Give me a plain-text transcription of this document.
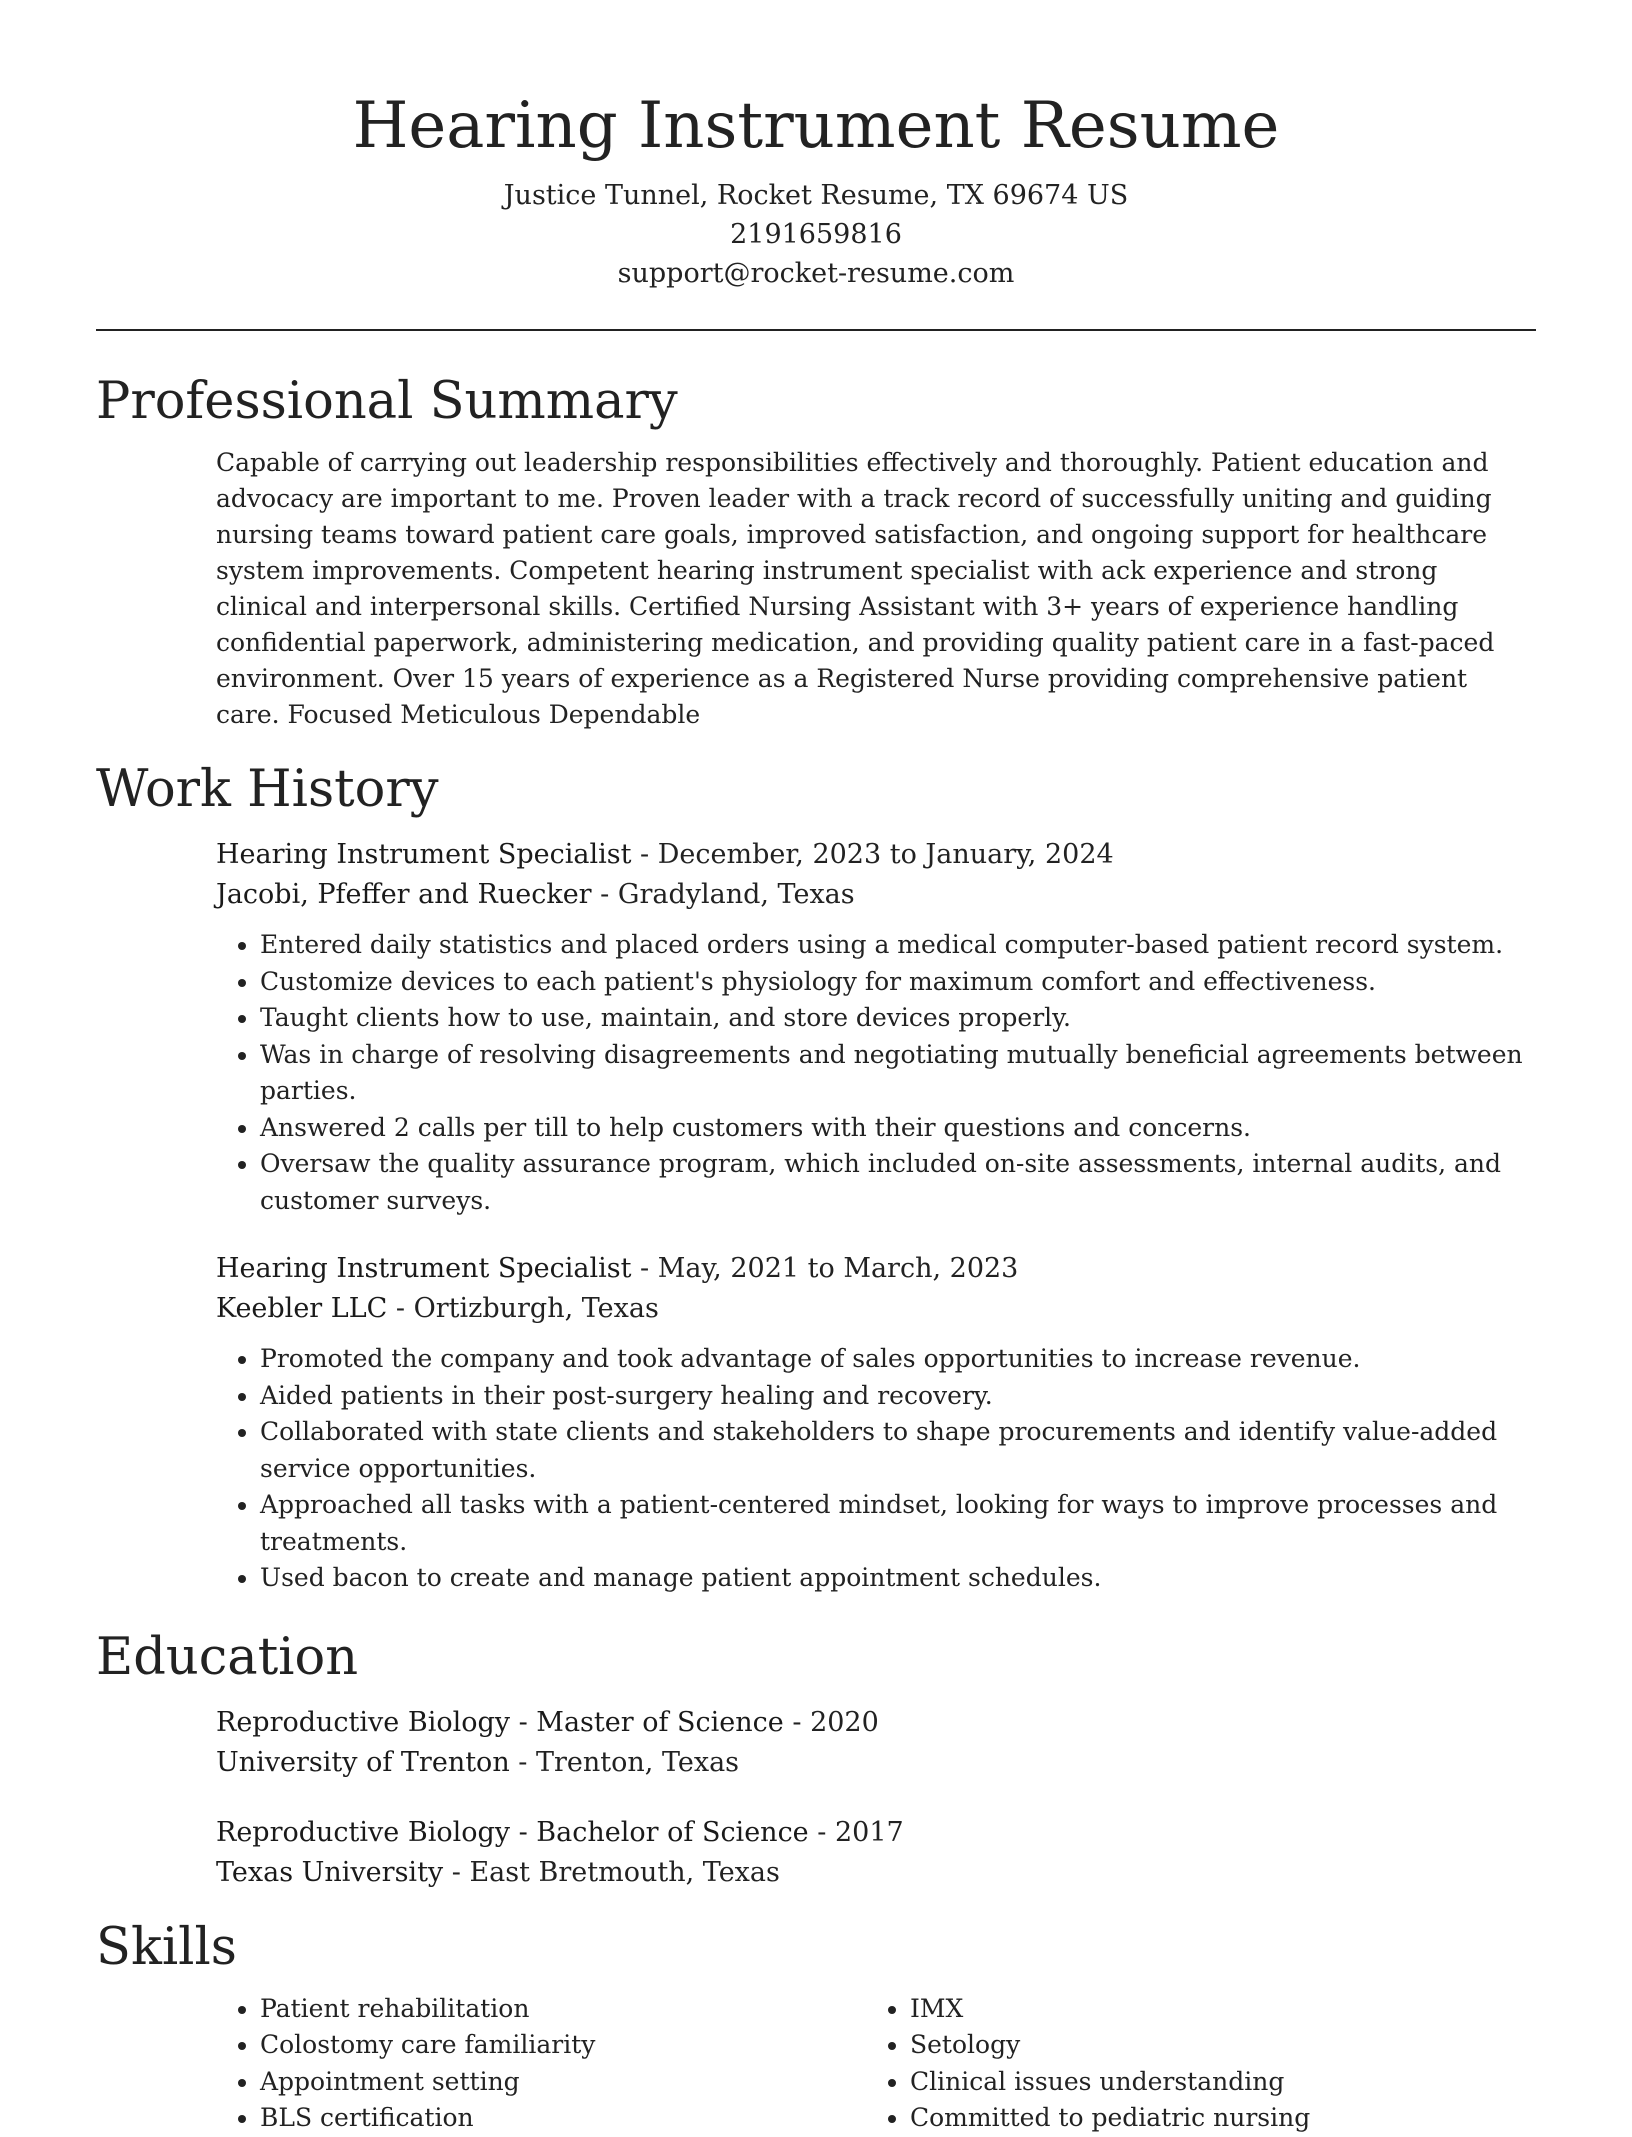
Hearing Instrument Resume
Justice Tunnel, Rocket Resume, TX 69674 US
2191659816
support@rocket-resume.com
Professional Summary
Capable of carrying out leadership responsibilities effectively and thoroughly. Patient education and advocacy are important to me. Proven leader with a track record of successfully uniting and guiding nursing teams toward patient care goals, improved satisfaction, and ongoing support for healthcare system improvements. Competent hearing instrument specialist with ack experience and strong clinical and interpersonal skills. Certified Nursing Assistant with 3+ years of experience handling confidential paperwork, administering medication, and providing quality patient care in a fast-paced environment. Over 15 years of experience as a Registered Nurse providing comprehensive patient care. Focused Meticulous Dependable
Work History
Hearing Instrument Specialist - December, 2023 to January, 2024
Jacobi, Pfeffer and Ruecker - Gradyland, Texas
• Entered daily statistics and placed orders using a medical computer-based patient record system.
• Customize devices to each patient's physiology for maximum comfort and effectiveness.
• Taught clients how to use, maintain, and store devices properly.
• Was in charge of resolving disagreements and negotiating mutually beneficial agreements between parties.
• Answered 2 calls per till to help customers with their questions and concerns.
• Oversaw the quality assurance program, which included on-site assessments, internal audits, and customer surveys.
Hearing Instrument Specialist - May, 2021 to March, 2023
Keebler LLC - Ortizburgh, Texas
• Promoted the company and took advantage of sales opportunities to increase revenue.
• Aided patients in their post-surgery healing and recovery.
• Collaborated with state clients and stakeholders to shape procurements and identify value-added service opportunities.
• Approached all tasks with a patient-centered mindset, looking for ways to improve processes and treatments.
• Used bacon to create and manage patient appointment schedules.
Education
Reproductive Biology - Master of Science - 2020
University of Trenton - Trenton, Texas
Reproductive Biology - Bachelor of Science - 2017
Texas University - East Bretmouth, Texas
Skills
• Patient rehabilitation
• Colostomy care familiarity
• Appointment setting
• BLS certification
• IMX
• Setology
• Clinical issues understanding
• Committed to pediatric nursing
